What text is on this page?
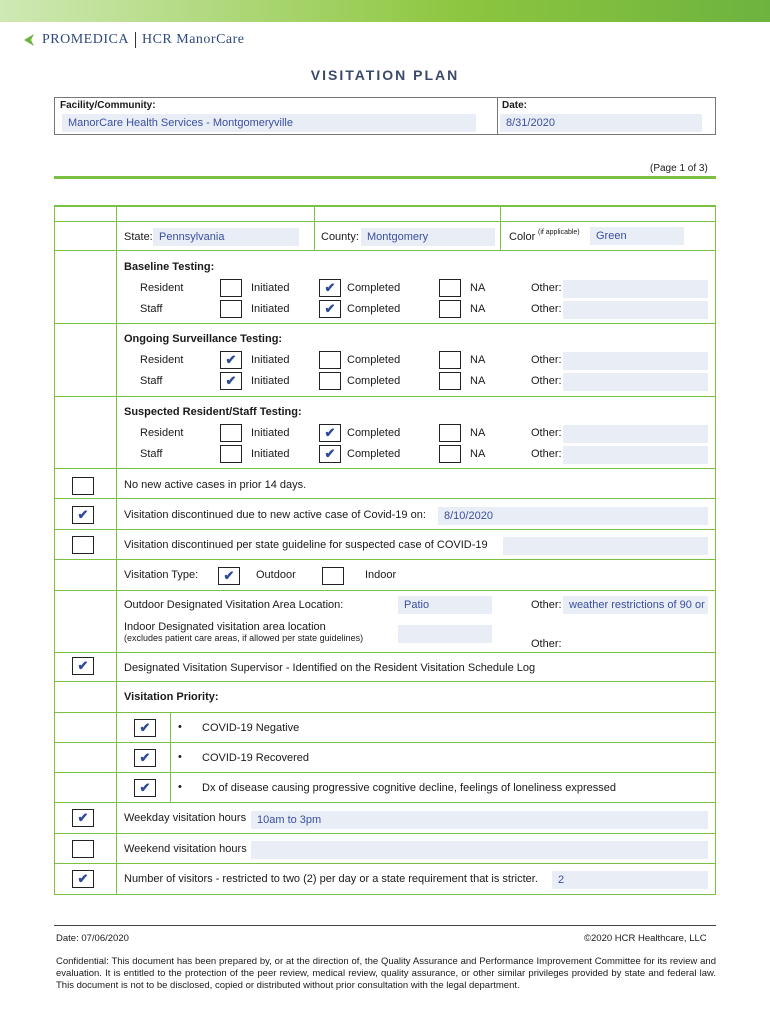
PROMEDICA HCR ManorCare
VISITATION PLAN
Facility/Community:
ManorCare Health Services - Montgomeryville
Date:
8/31/2020
(Page 1 of 3)
State: Pennsylvania	County: Montgomery	Color (if applicable)	Green
Baseline Testing:
Resident	Initiated	✔	Completed	NA	Other:
Staff	Initiated	✔	Completed	NA	Other:
Ongoing Surveillance Testing:
Resident	✔	Initiated	Completed	NA	Other:
Staff	✔	Initiated	Completed	NA	Other:
Suspected Resident/Staff Testing:
Resident	Initiated	✔	Completed	NA	Other:
Staff	Initiated	✔	Completed	NA	Other:
No new active cases in prior 14 days.
✔	Visitation discontinued due to new active case of Covid-19 on:	8/10/2020
Visitation discontinued per state guideline for suspected case of COVID-19
Visitation Type: ✔ Outdoor	Indoor
Outdoor Designated Visitation Area Location:	Patio	Other: weather restrictions of 90 or
Indoor Designated visitation area location
(excludes patient care areas, if allowed per state guidelines)	Other:
✔	Designated Visitation Supervisor - Identified on the Resident Visitation Schedule Log
Visitation Priority:
✔	• COVID-19 Negative
✔	• COVID-19 Recovered
✔	• Dx of disease causing progressive cognitive decline, feelings of loneliness expressed
✔	Weekday visitation hours 10am to 3pm
Weekend visitation hours
✔	Number of visitors - restricted to two (2) per day or a state requirement that is stricter.	2
Date: 07/06/2020	©2020 HCR Healthcare, LLC
Confidential: This document has been prepared by, or at the direction of, the Quality Assurance and Performance Improvement Committee for its review and evaluation. It is entitled to the protection of the peer review, medical review, quality assurance, or other similar privileges provided by state and federal law. This document is not to be disclosed, copied or distributed without prior consultation with the legal department.
